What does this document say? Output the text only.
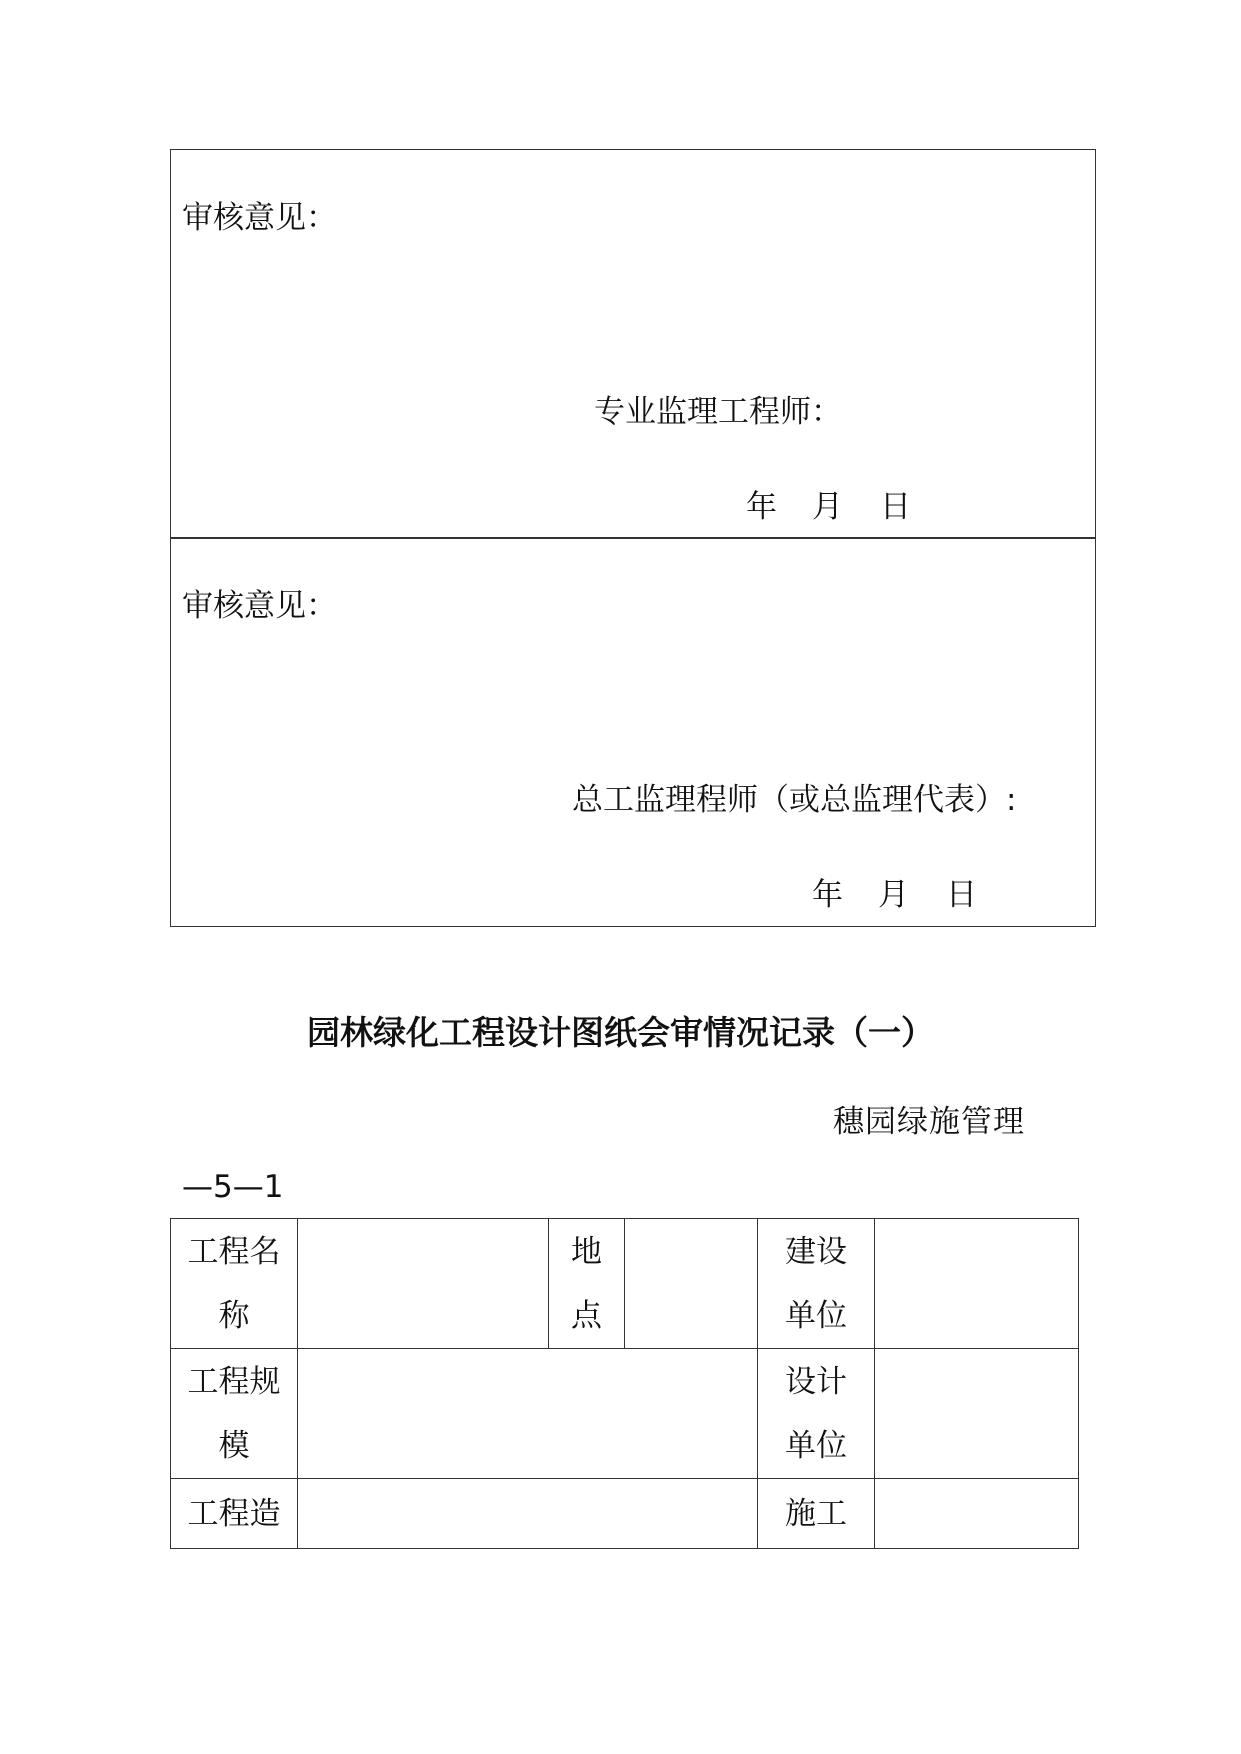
审核意见：
专业监理工程师：
年 月 日
审核意见：
总工监理程师（或总监理代表）:
年 月 日
园林绿化工程设计图纸会审情况记录（一）
穗园绿施管理
—5—1
工程名称		地点		建设单位	

工程规模				设计单位	

工程造				施工	
